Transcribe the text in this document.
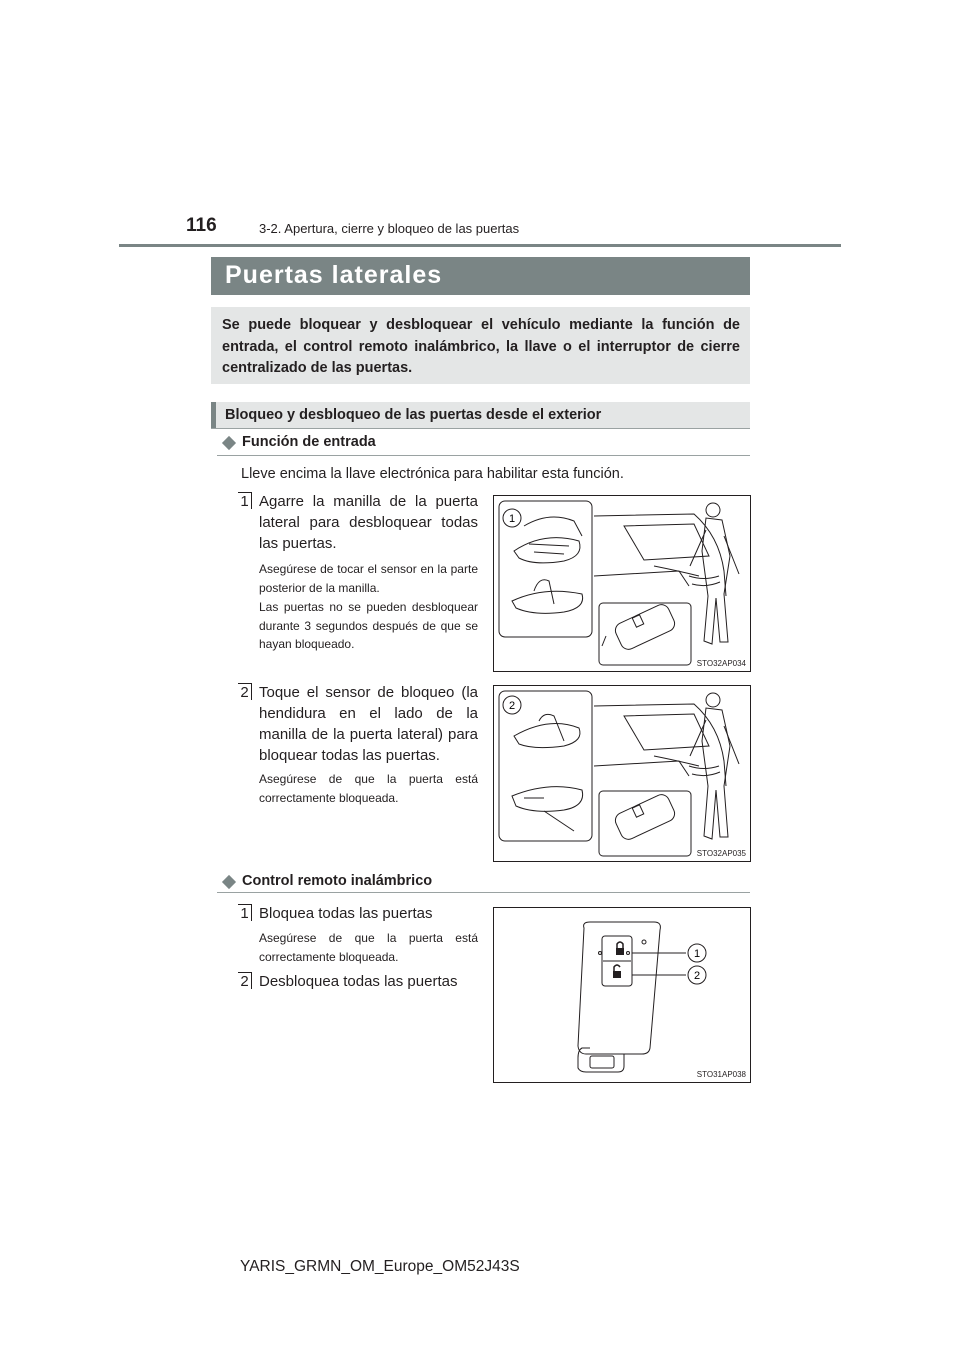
116	3-2. Apertura, cierre y bloqueo de las puertas
Puertas laterales
Se puede bloquear y desbloquear el vehículo mediante la función de entrada, el control remoto inalámbrico, la llave o el interruptor de cierre centralizado de las puertas.
Bloqueo y desbloqueo de las puertas desde el exterior
Función de entrada
Lleve encima la llave electrónica para habilitar esta función.
1 Agarre la manilla de la puerta lateral para desbloquear todas las puertas.
Asegúrese de tocar el sensor en la parte posterior de la manilla.
Las puertas no se pueden desbloquear durante 3 segundos después de que se hayan bloqueado.
1
STO32AP034
2 Toque el sensor de bloqueo (la hendidura en el lado de la manilla de la puerta lateral) para bloquear todas las puertas.
Asegúrese de que la puerta está correctamente bloqueada.
2
STO32AP035
Control remoto inalámbrico
1 Bloquea todas las puertas
Asegúrese de que la puerta está correctamente bloqueada.
2 Desbloquea todas las puertas
1
2
STO31AP038
YARIS_GRMN_OM_Europe_OM52J43S
